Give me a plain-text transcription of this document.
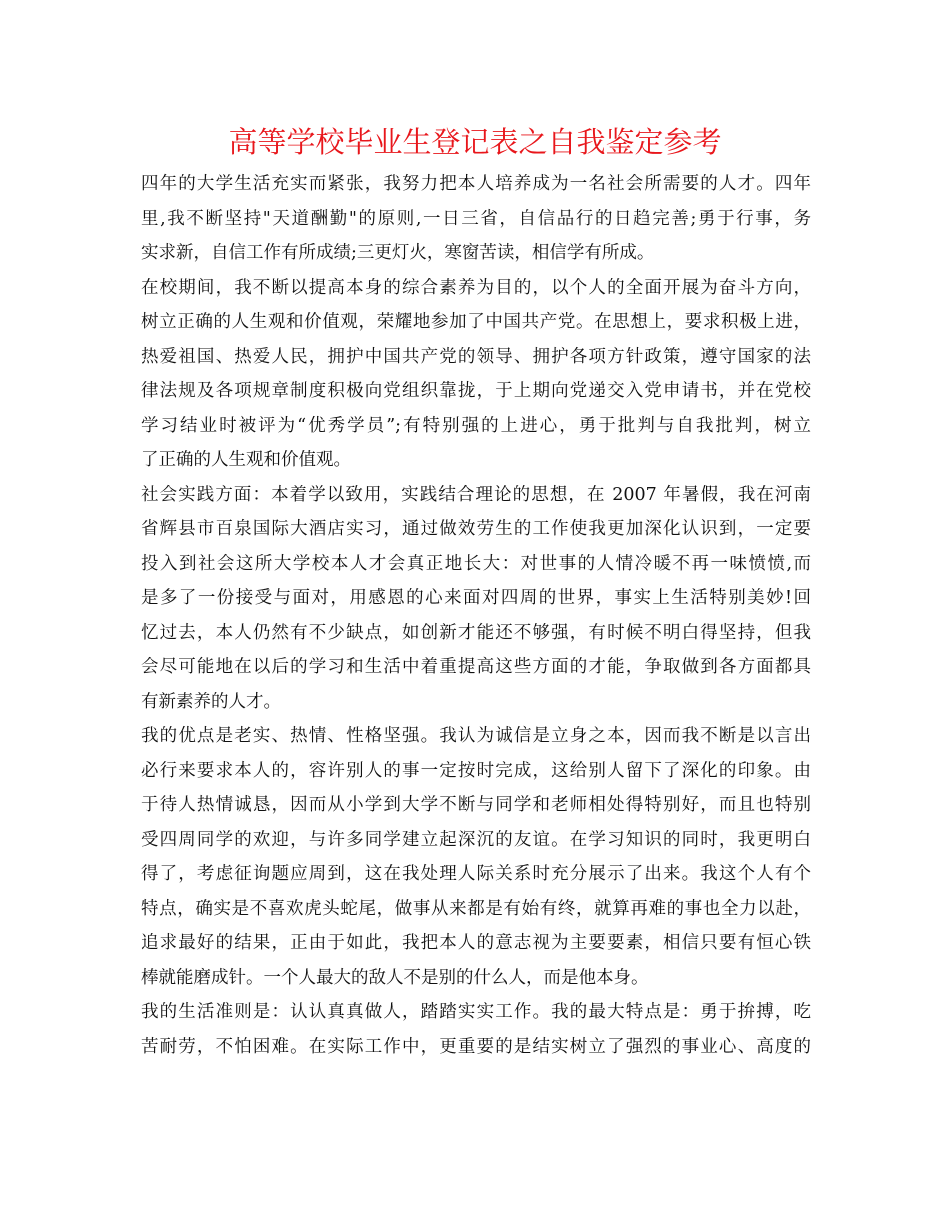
高等学校毕业生登记表之自我鉴定参考

四年的大学生活充实而紧张，我努力把本人培养成为一名社会所需要的人才。四年
里,我不断坚持"天道酬勤"的原则,一日三省，自信品行的日趋完善;勇于行事，务
实求新，自信工作有所成绩;三更灯火，寒窗苦读，相信学有所成。

在校期间，我不断以提高本身的综合素养为目的，以个人的全面开展为奋斗方向，
树立正确的人生观和价值观，荣耀地参加了中国共产党。在思想上，要求积极上进，
热爱祖国、热爱人民，拥护中国共产党的领导、拥护各项方针政策，遵守国家的法
律法规及各项规章制度积极向党组织靠拢，于上期向党递交入党申请书，并在党校
学习结业时被评为“优秀学员”;有特别强的上进心，勇于批判与自我批判，树立
了正确的人生观和价值观。

社会实践方面：本着学以致用，实践结合理论的思想，在 2007 年暑假，我在河南
省辉县市百泉国际大酒店实习，通过做效劳生的工作使我更加深化认识到，一定要
投入到社会这所大学校本人才会真正地长大：对世事的人情冷暖不再一味愤愤,而
是多了一份接受与面对，用感恩的心来面对四周的世界，事实上生活特别美妙!回
忆过去，本人仍然有不少缺点，如创新才能还不够强，有时候不明白得坚持，但我
会尽可能地在以后的学习和生活中着重提高这些方面的才能，争取做到各方面都具
有新素养的人才。

我的优点是老实、热情、性格坚强。我认为诚信是立身之本，因而我不断是以言出
必行来要求本人的，容许别人的事一定按时完成，这给别人留下了深化的印象。由
于待人热情诚恳，因而从小学到大学不断与同学和老师相处得特别好，而且也特别
受四周同学的欢迎，与许多同学建立起深沉的友谊。在学习知识的同时，我更明白
得了，考虑征询题应周到，这在我处理人际关系时充分展示了出来。我这个人有个
特点，确实是不喜欢虎头蛇尾，做事从来都是有始有终，就算再难的事也全力以赴，
追求最好的结果，正由于如此，我把本人的意志视为主要要素，相信只要有恒心铁
棒就能磨成针。一个人最大的敌人不是别的什么人，而是他本身。

我的生活准则是：认认真真做人，踏踏实实工作。我的最大特点是：勇于拚搏，吃
苦耐劳，不怕困难。在实际工作中，更重要的是结实树立了强烈的事业心、高度的
